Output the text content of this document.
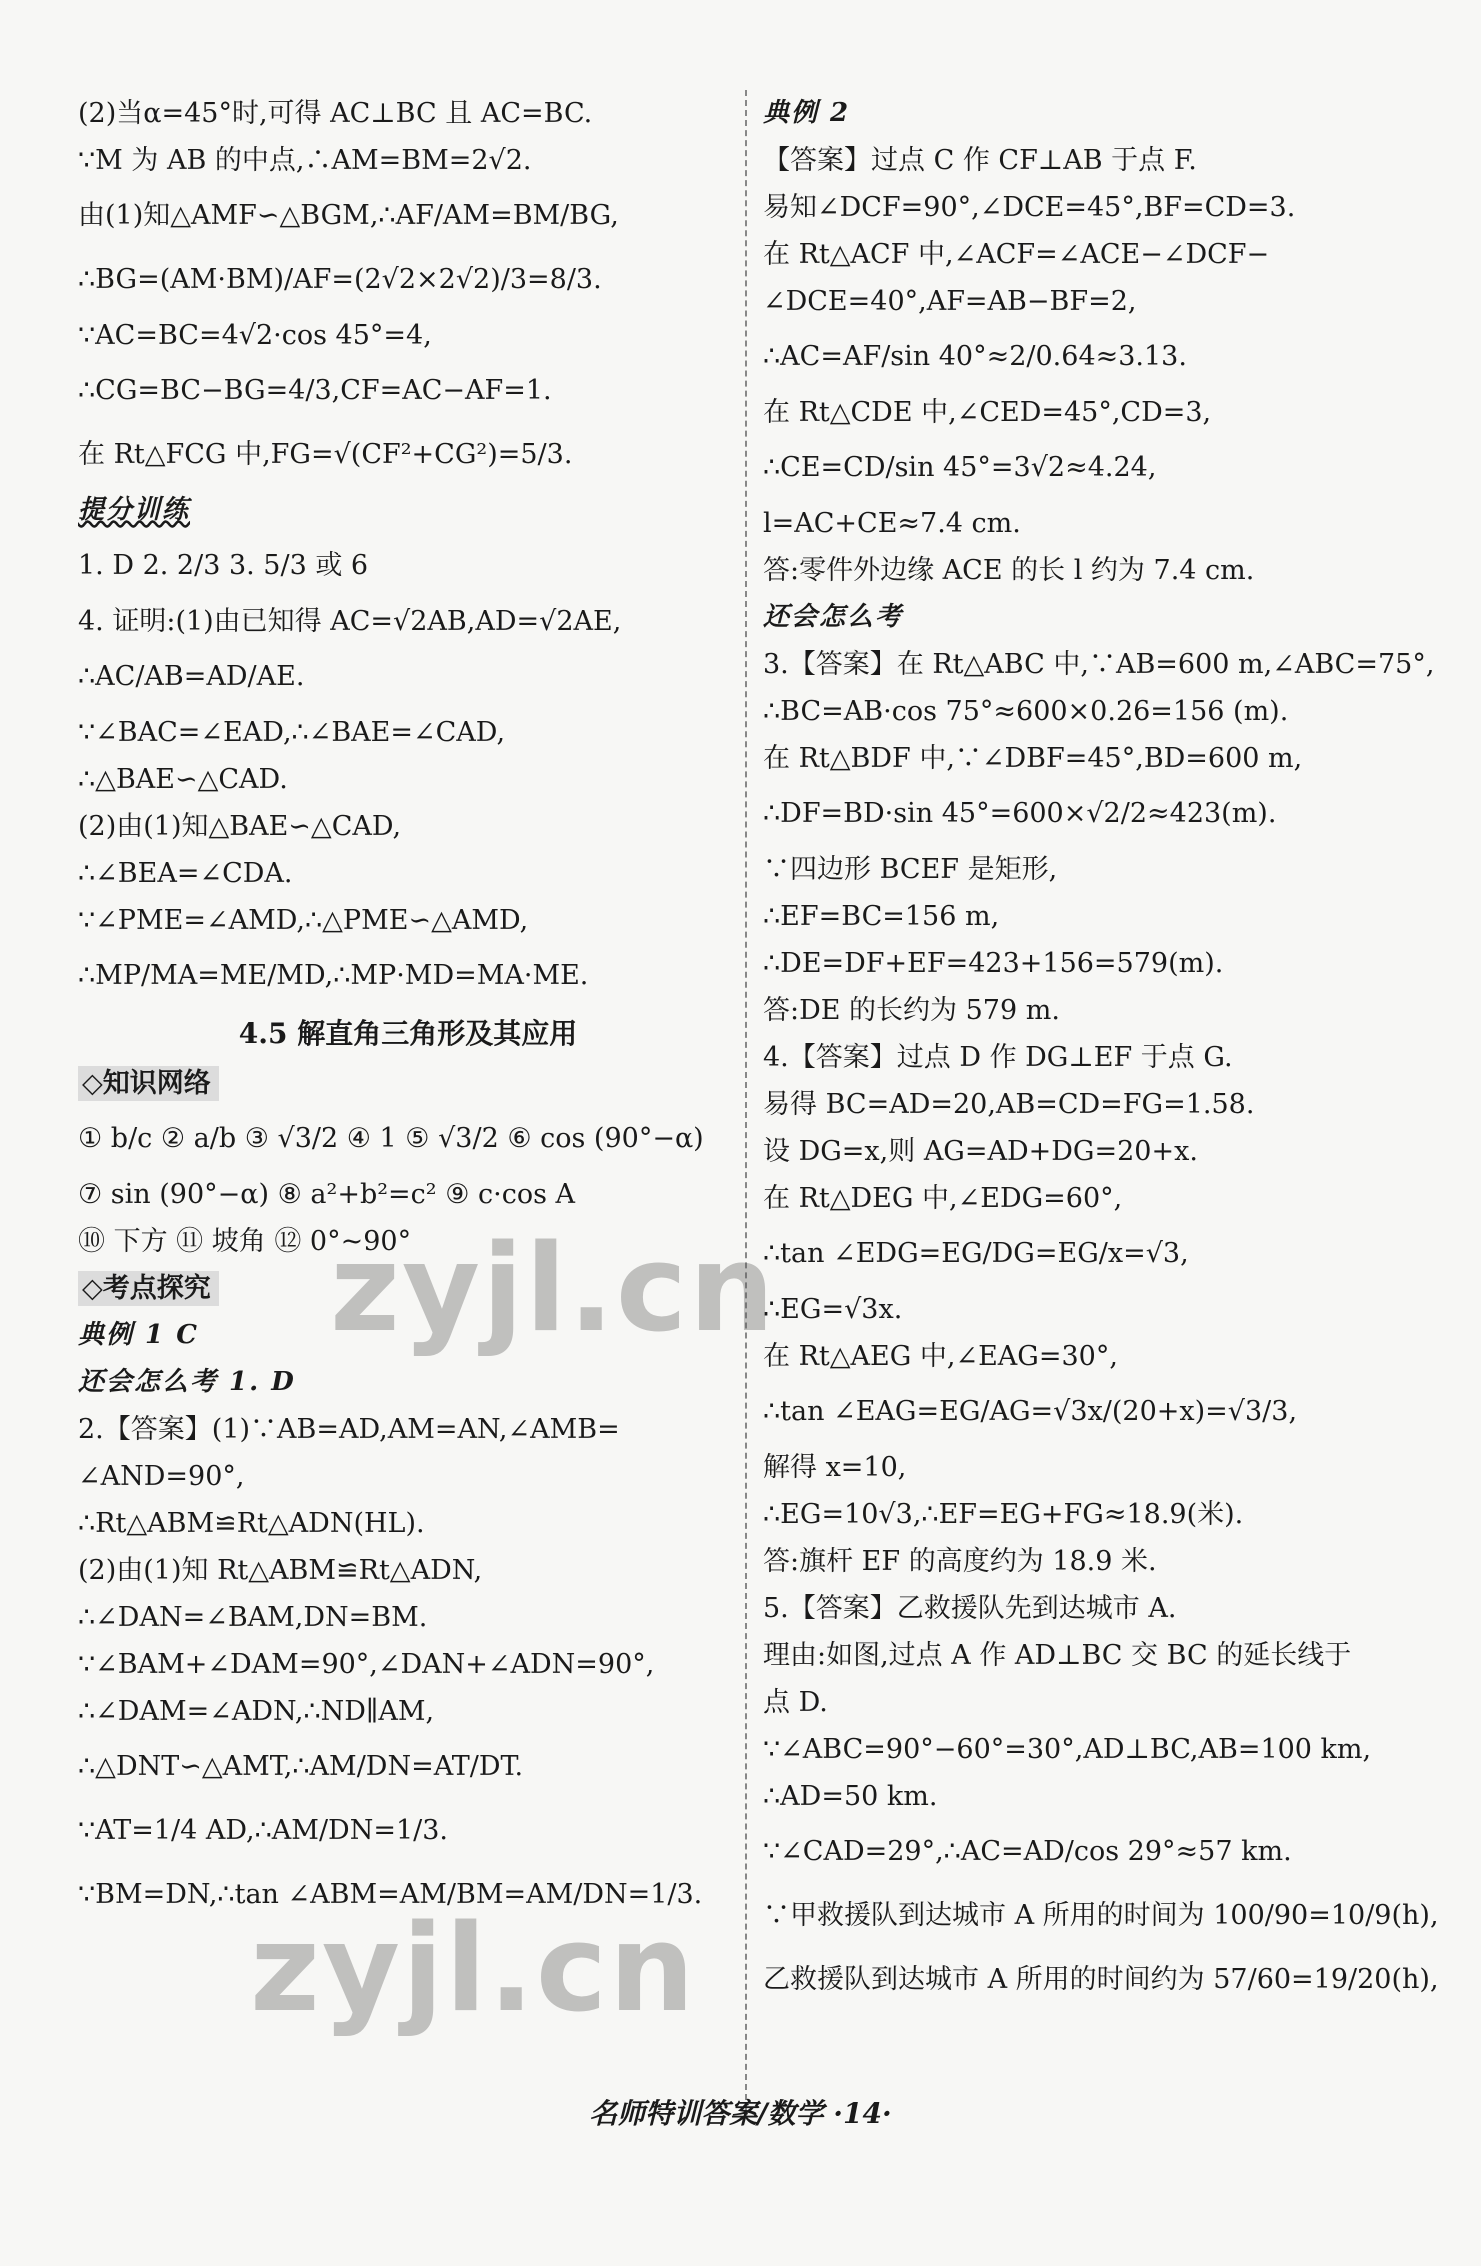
(2)当α=45°时,可得 AC⊥BC 且 AC=BC.
∵M 为 AB 的中点,∴AM=BM=2√2.
由(1)知△AMF∽△BGM,∴AF/AM=BM/BG,
∴BG=(AM·BM)/AF=(2√2×2√2)/3=8/3.
∵AC=BC=4√2·cos 45°=4,
∴CG=BC−BG=4/3,CF=AC−AF=1.
在 Rt△FCG 中,FG=√(CF²+CG²)=5/3.
提分训练
1. D 2. 2/3 3. 5/3 或 6
4. 证明:(1)由已知得 AC=√2AB,AD=√2AE,
∴AC/AB=AD/AE.
∵∠BAC=∠EAD,∴∠BAE=∠CAD,
∴△BAE∽△CAD.
(2)由(1)知△BAE∽△CAD,
∴∠BEA=∠CDA.
∵∠PME=∠AMD,∴△PME∽△AMD,
∴MP/MA=ME/MD,∴MP·MD=MA·ME.
4.5 解直角三角形及其应用
◇知识网络
① b/c ② a/b ③ √3/2 ④ 1 ⑤ √3/2 ⑥ cos (90°−α)
⑦ sin (90°−α) ⑧ a²+b²=c² ⑨ c·cos A
⑩ 下方 ⑪ 坡角 ⑫ 0°~90°
◇考点探究
典例 1 C
还会怎么考 1. D
2.【答案】(1)∵AB=AD,AM=AN,∠AMB=
∠AND=90°,
∴Rt△ABM≌Rt△ADN(HL).
(2)由(1)知 Rt△ABM≌Rt△ADN,
∴∠DAN=∠BAM,DN=BM.
∵∠BAM+∠DAM=90°,∠DAN+∠ADN=90°,
∴∠DAM=∠ADN,∴ND∥AM,
∴△DNT∽△AMT,∴AM/DN=AT/DT.
∵AT=1/4 AD,∴AM/DN=1/3.
∵BM=DN,∴tan ∠ABM=AM/BM=AM/DN=1/3.
典例 2
【答案】过点 C 作 CF⊥AB 于点 F.
易知∠DCF=90°,∠DCE=45°,BF=CD=3.
在 Rt△ACF 中,∠ACF=∠ACE−∠DCF−
∠DCE=40°,AF=AB−BF=2,
∴AC=AF/sin 40°≈2/0.64≈3.13.
在 Rt△CDE 中,∠CED=45°,CD=3,
∴CE=CD/sin 45°=3√2≈4.24,
l=AC+CE≈7.4 cm.
答:零件外边缘 ACE 的长 l 约为 7.4 cm.
还会怎么考
3.【答案】在 Rt△ABC 中,∵AB=600 m,∠ABC=75°,
∴BC=AB·cos 75°≈600×0.26=156 (m).
在 Rt△BDF 中,∵∠DBF=45°,BD=600 m,
∴DF=BD·sin 45°=600×√2/2≈423(m).
∵四边形 BCEF 是矩形,
∴EF=BC=156 m,
∴DE=DF+EF=423+156=579(m).
答:DE 的长约为 579 m.
4.【答案】过点 D 作 DG⊥EF 于点 G.
易得 BC=AD=20,AB=CD=FG=1.58.
设 DG=x,则 AG=AD+DG=20+x.
在 Rt△DEG 中,∠EDG=60°,
∴tan ∠EDG=EG/DG=EG/x=√3,
∴EG=√3x.
在 Rt△AEG 中,∠EAG=30°,
∴tan ∠EAG=EG/AG=√3x/(20+x)=√3/3,
解得 x=10,
∴EG=10√3,∴EF=EG+FG≈18.9(米).
答:旗杆 EF 的高度约为 18.9 米.
5.【答案】乙救援队先到达城市 A.
理由:如图,过点 A 作 AD⊥BC 交 BC 的延长线于
点 D.
∵∠ABC=90°−60°=30°,AD⊥BC,AB=100 km,
∴AD=50 km.
∵∠CAD=29°,∴AC=AD/cos 29°≈57 km.
∵甲救援队到达城市 A 所用的时间为 100/90=10/9(h),
乙救援队到达城市 A 所用的时间约为 57/60=19/20(h),
zyjl.cn
zyjl.cn
名师特训答案/数学 ·14·
